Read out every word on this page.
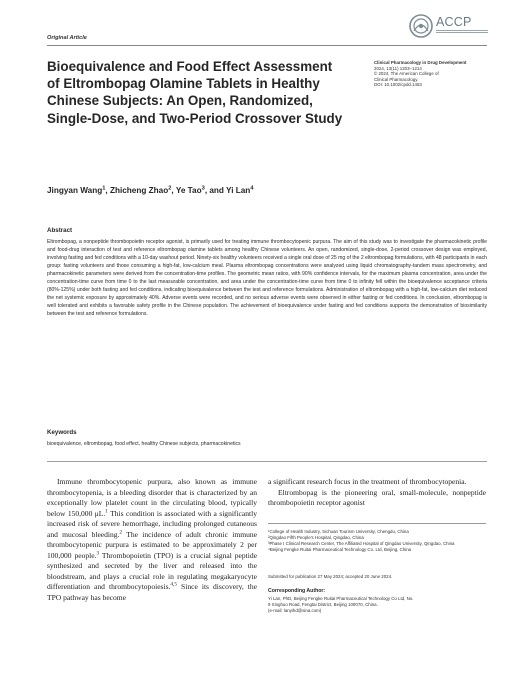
Original Article
ACCP
Bioequivalence and Food Effect Assessment of Eltrombopag Olamine Tablets in Healthy Chinese Subjects: An Open, Randomized, Single-Dose, and Two-Period Crossover Study
Clinical Pharmacology in Drug Development
2024, 13(11) 1203–1214
© 2024, The American College of
Clinical Pharmacology.
DOI: 10.1002/cpdd.1453
Jingyan Wang$^1$, Zhicheng Zhao$^2$, Ye Tao$^3$, and Yi Lan$^4$
Abstract

Eltrombopag, a nonpeptide thrombopoietin receptor agonist, is primarily used for treating immune thrombocytopenic purpura. The aim of this study was to investigate the pharmacokinetic profile and food-drug interaction of test and reference eltrombopag olamine tablets among healthy Chinese volunteers. An open, randomized, single-dose, 2-period crossover design was employed, involving fasting and fed conditions with a 10-day washout period. Ninety-six healthy volunteers received a single oral dose of 25 mg of the 2 eltrombopag formulations, with 48 participants in each group: fasting volunteers and those consuming a high-fat, low-calcium meal. Plasma eltrombopag concentrations were analyzed using liquid chromatography-tandem mass spectrometry, and pharmacokinetic parameters were derived from the concentration-time profiles. The geometric mean ratios, with 90% confidence intervals, for the maximum plasma concentration, area under the concentration-time curve from time 0 to the last measurable concentration, and area under the concentration-time curve from time 0 to infinity fell within the bioequivalence acceptance criteria (80%-125%) under both fasting and fed conditions, indicating bioequivalence between the test and reference formulations. Administration of eltrombopag with a high-fat, low-calcium diet reduced the net systemic exposure by approximately 40%. Adverse events were recorded, and no serious adverse events were observed in either fasting or fed conditions. In conclusion, eltrombopag is well tolerated and exhibits a favorable safety profile in the Chinese population. The achievement of bioequivalence under fasting and fed conditions supports the demonstration of biosimilarity between the test and reference formulations.

Keywords

bioequivalence, eltrombopag, food effect, healthy Chinese subjects, pharmacokinetics

Immune thrombocytopenic purpura, also known as immune thrombocytopenia, is a bleeding disorder that is characterized by an exceptionally low platelet count in the circulating blood, typically below 150,000 μL.$^1$ This condition is associated with a significantly increased risk of severe hemorrhage, including prolonged cutaneous and mucosal bleeding.$^2$ The incidence of adult chronic immune thrombocytopenic purpura is estimated to be approximately 2 per 100,000 people.$^3$ Thrombopoietin (TPO) is a crucial signal peptide synthesized and secreted by the liver and released into the bloodstream, and plays a crucial role in regulating megakaryocyte differentiation and thrombocytopoiesis.$^{4,5}$ Since its discovery, the TPO pathway has become

a significant research focus in the treatment of thrombocytopenia.

Eltrombopag is the pioneering oral, small-molecule, nonpeptide thrombopoietin receptor agonist

¹College of Health Industry, Sichuan Tourism University, Chengdu, China
²Qingdao Fifth People's Hospital, Qingdao, China
³Phase I Clinical Research Center, The Affiliated Hospital of Qingdao University, Qingdao, China
⁴Beijing Fengke Ruitai Pharmaceutical Technology Co. Ltd, Beijing, China
Submitted for publication 27 May 2024; accepted 20 June 2024.
Corresponding Author:
Yi Lan, PhD, Beijing Fengke Ruitai Pharmaceutical Technology Co Ltd, No.
9 Xinghuo Road, Fengtai District, Beijing 100070, China.
(e-mail: lanyihd@sina.com)
